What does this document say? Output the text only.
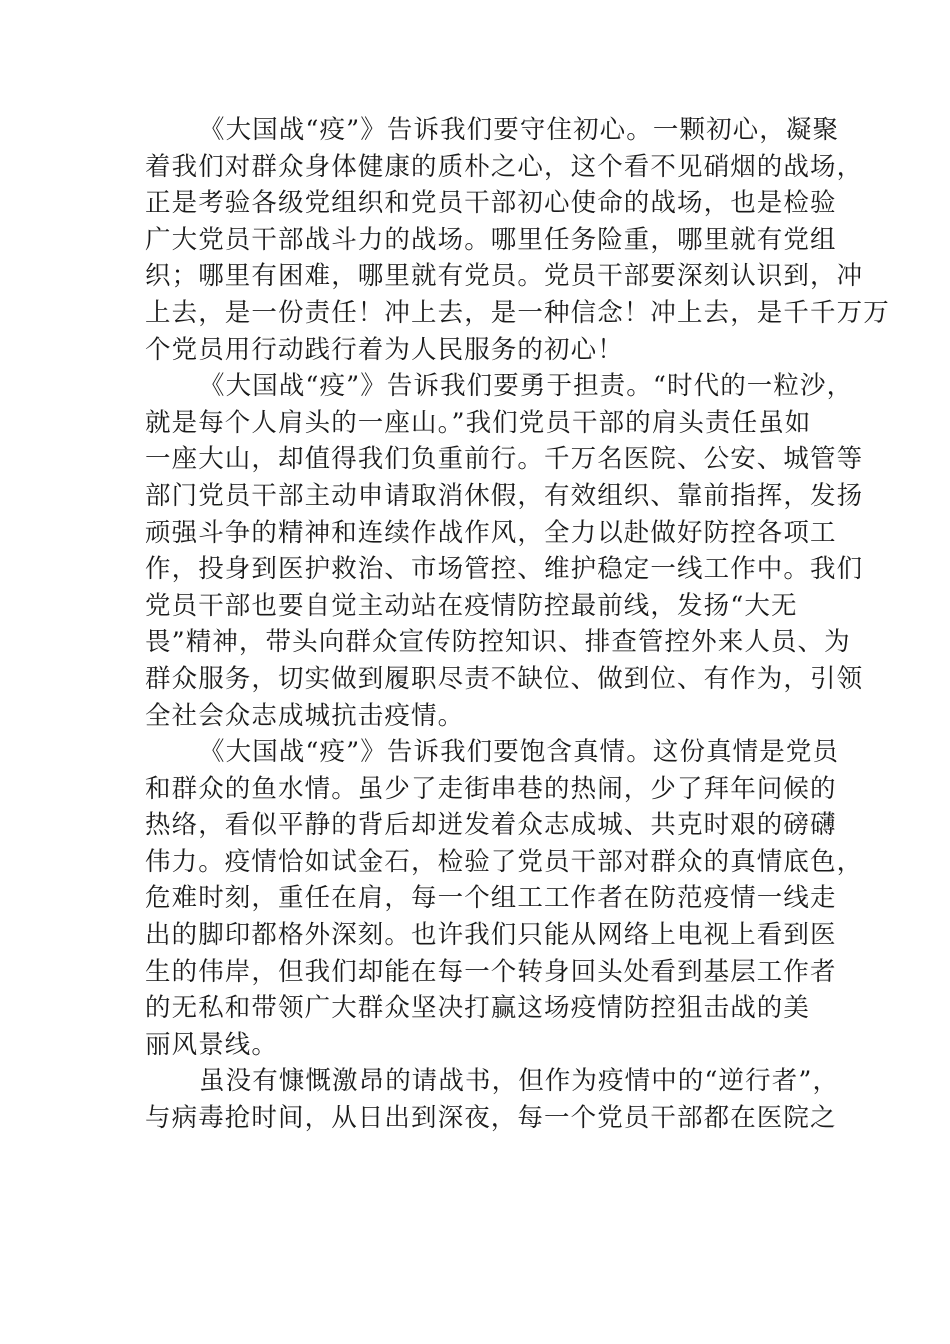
《大国战“疫”》告诉我们要守住初心。一颗初心，凝聚
着我们对群众身体健康的质朴之心，这个看不见硝烟的战场，
正是考验各级党组织和党员干部初心使命的战场，也是检验
广大党员干部战斗力的战场。哪里任务险重，哪里就有党组
织；哪里有困难，哪里就有党员。党员干部要深刻认识到，冲
上去，是一份责任！冲上去，是一种信念！冲上去，是千千万万
个党员用行动践行着为人民服务的初心！
《大国战“疫”》告诉我们要勇于担责。“时代的一粒沙，
就是每个人肩头的一座山。”我们党员干部的肩头责任虽如
一座大山，却值得我们负重前行。千万名医院、公安、城管等
部门党员干部主动申请取消休假，有效组织、靠前指挥，发扬
顽强斗争的精神和连续作战作风，全力以赴做好防控各项工
作，投身到医护救治、市场管控、维护稳定一线工作中。我们
党员干部也要自觉主动站在疫情防控最前线，发扬“大无
畏”精神，带头向群众宣传防控知识、排查管控外来人员、为
群众服务，切实做到履职尽责不缺位、做到位、有作为，引领
全社会众志成城抗击疫情。
《大国战“疫”》告诉我们要饱含真情。这份真情是党员
和群众的鱼水情。虽少了走街串巷的热闹，少了拜年问候的
热络，看似平静的背后却迸发着众志成城、共克时艰的磅礴
伟力。疫情恰如试金石，检验了党员干部对群众的真情底色，
危难时刻，重任在肩，每一个组工工作者在防范疫情一线走
出的脚印都格外深刻。也许我们只能从网络上电视上看到医
生的伟岸，但我们却能在每一个转身回头处看到基层工作者
的无私和带领广大群众坚决打赢这场疫情防控狙击战的美
丽风景线。
虽没有慷慨激昂的请战书，但作为疫情中的“逆行者”，
与病毒抢时间，从日出到深夜，每一个党员干部都在医院之
